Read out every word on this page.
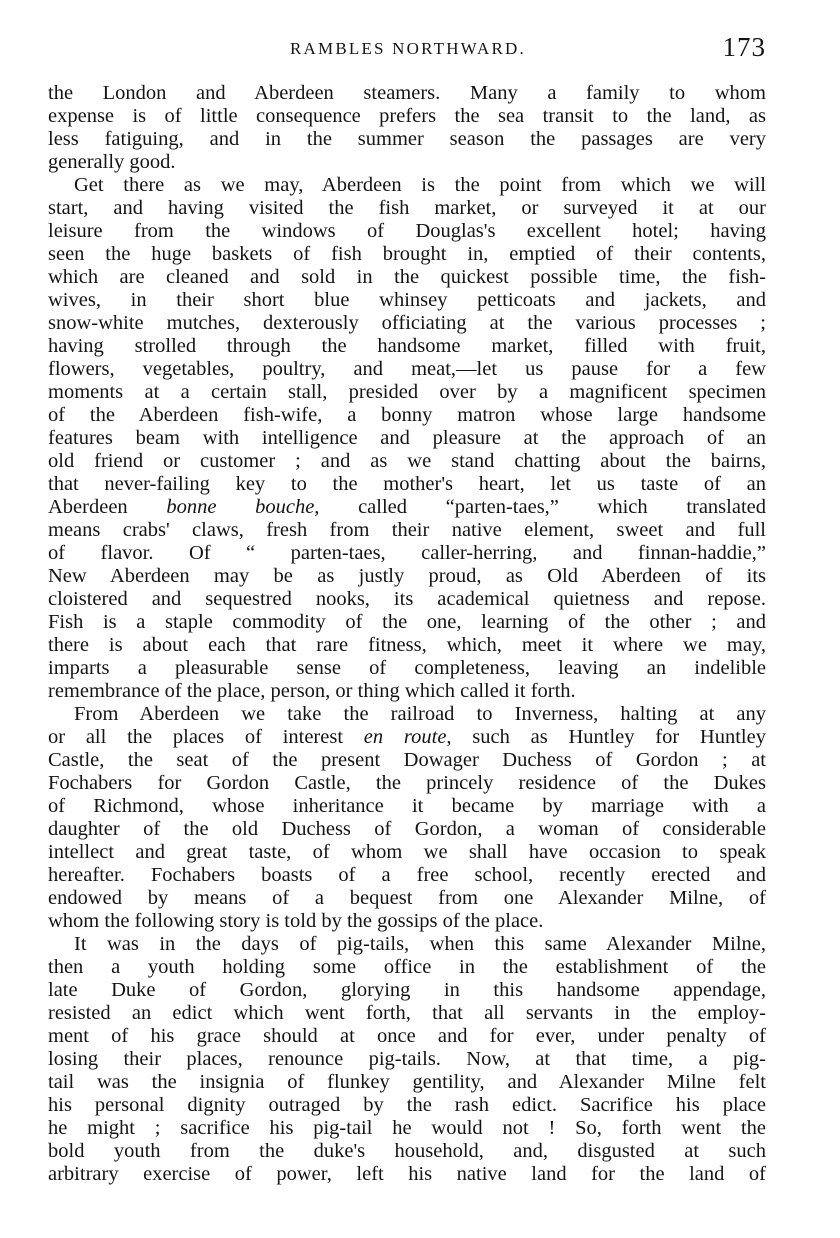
RAMBLES NORTHWARD.	173
the London and Aberdeen steamers. Many a family to whom
expense is of little consequence prefers the sea transit to the land, as
less fatiguing, and in the summer season the passages are very
generally good.
Get there as we may, Aberdeen is the point from which we will
start, and having visited the fish market, or surveyed it at our
leisure from the windows of Douglas's excellent hotel; having
seen the huge baskets of fish brought in, emptied of their contents,
which are cleaned and sold in the quickest possible time, the fish-
wives, in their short blue whinsey petticoats and jackets, and
snow-white mutches, dexterously officiating at the various processes ;
having strolled through the handsome market, filled with fruit,
flowers, vegetables, poultry, and meat,—let us pause for a few
moments at a certain stall, presided over by a magnificent specimen
of the Aberdeen fish-wife, a bonny matron whose large handsome
features beam with intelligence and pleasure at the approach of an
old friend or customer ; and as we stand chatting about the bairns,
that never-failing key to the mother's heart, let us taste of an
Aberdeen bonne bouche, called “parten-taes,” which translated
means crabs' claws, fresh from their native element, sweet and full
of flavor. Of “ parten-taes, caller-herring, and finnan-haddie,”
New Aberdeen may be as justly proud, as Old Aberdeen of its
cloistered and sequestred nooks, its academical quietness and repose.
Fish is a staple commodity of the one, learning of the other ; and
there is about each that rare fitness, which, meet it where we may,
imparts a pleasurable sense of completeness, leaving an indelible
remembrance of the place, person, or thing which called it forth.
From Aberdeen we take the railroad to Inverness, halting at any
or all the places of interest en route, such as Huntley for Huntley
Castle, the seat of the present Dowager Duchess of Gordon ; at
Fochabers for Gordon Castle, the princely residence of the Dukes
of Richmond, whose inheritance it became by marriage with a
daughter of the old Duchess of Gordon, a woman of considerable
intellect and great taste, of whom we shall have occasion to speak
hereafter. Fochabers boasts of a free school, recently erected and
endowed by means of a bequest from one Alexander Milne, of
whom the following story is told by the gossips of the place.
It was in the days of pig-tails, when this same Alexander Milne,
then a youth holding some office in the establishment of the
late Duke of Gordon, glorying in this handsome appendage,
resisted an edict which went forth, that all servants in the employ-
ment of his grace should at once and for ever, under penalty of
losing their places, renounce pig-tails. Now, at that time, a pig-
tail was the insignia of flunkey gentility, and Alexander Milne felt
his personal dignity outraged by the rash edict. Sacrifice his place
he might ; sacrifice his pig-tail he would not ! So, forth went the
bold youth from the duke's household, and, disgusted at such
arbitrary exercise of power, left his native land for the land of
